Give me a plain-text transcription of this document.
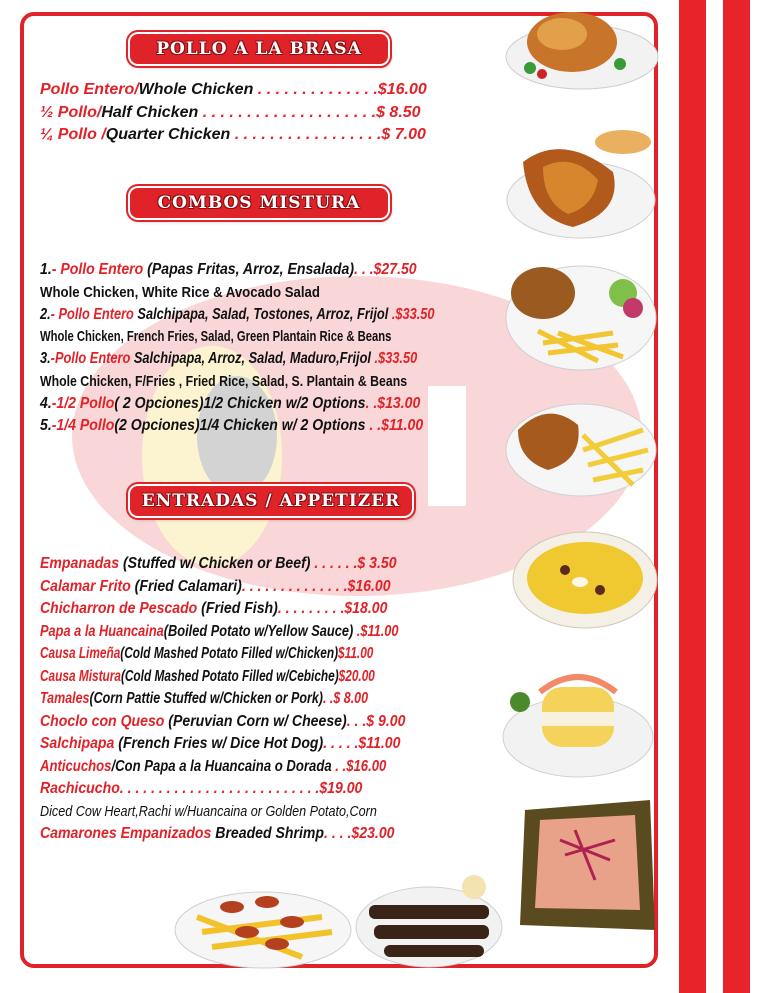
POLLO A LA BRASA
COMBOS MISTURA
ENTRADAS / APPETIZER
Pollo Entero/Whole Chicken . . . . . . . . . . . . . .$16.00
½ Pollo/Half Chicken . . . . . . . . . . . . . . . . . . . .$ 8.50
¼ Pollo /Quarter Chicken . . . . . . . . . . . . . . . . .$ 7.00
1.- Pollo Entero (Papas Fritas, Arroz, Ensalada). . .$27.50
Whole Chicken, White Rice & Avocado Salad
2.- Pollo Entero Salchipapa, Salad, Tostones, Arroz, Frijol .$33.50
Whole Chicken, French Fries, Salad, Green Plantain Rice & Beans
3.-Pollo Entero Salchipapa, Arroz, Salad, Maduro,Frijol .$33.50
Whole Chicken, F/Fries , Fried Rice, Salad, S. Plantain & Beans
4.-1/2 Pollo( 2 Opciones)1/2 Chicken w/2 Options. .$13.00
5.-1/4 Pollo(2 Opciones)1/4 Chicken w/ 2 Options . .$11.00
Empanadas (Stuffed w/ Chicken or Beef) . . . . . .$ 3.50
Calamar Frito (Fried Calamari). . . . . . . . . . . . . .$16.00
Chicharron de Pescado (Fried Fish). . . . . . . . .$18.00
Papa a la Huancaina(Boiled Potato w/Yellow Sauce) .$11.00
Causa Limeña(Cold Mashed Potato Filled w/Chicken)$11.00
Causa Mistura(Cold Mashed Potato Filled w/Cebiche)$20.00
Tamales(Corn Pattie Stuffed w/Chicken or Pork). .$ 8.00
Choclo con Queso (Peruvian Corn w/ Cheese). . .$ 9.00
Salchipapa (French Fries w/ Dice Hot Dog). . . . .$11.00
Anticuchos/Con Papa a la Huancaina o Dorada . .$16.00
Rachicucho. . . . . . . . . . . . . . . . . . . . . . . . . .$19.00
Diced Cow Heart,Rachi w/Huancaina or Golden Potato,Corn
Camarones Empanizados Breaded Shrimp. . . .$23.00
